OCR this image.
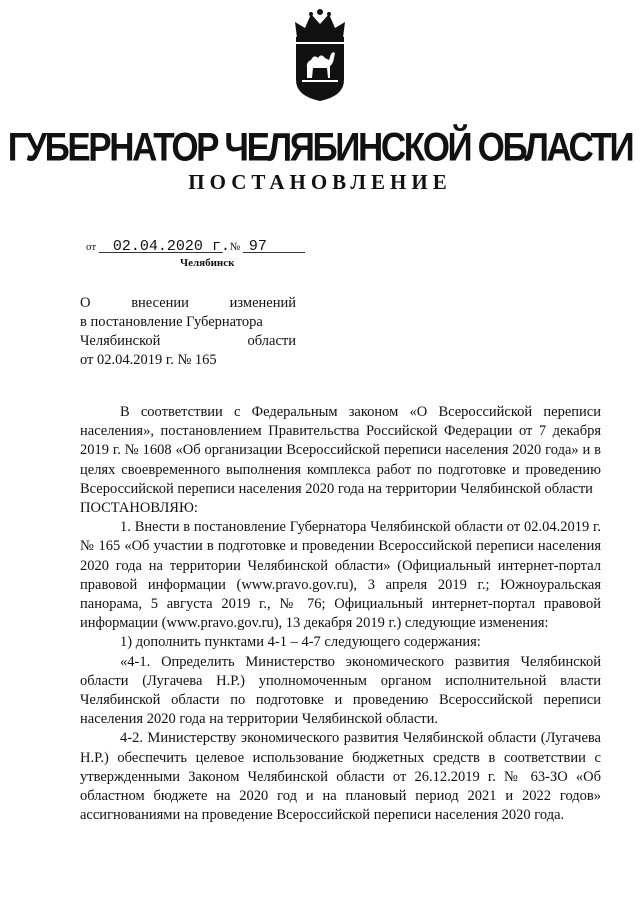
ГУБЕРНАТОР ЧЕЛЯБИНСКОЙ ОБЛАСТИ
ПОСТАНОВЛЕНИЕ
от 02.04.2020 г. № 97
Челябинск
О	внесении	изменений
в постановление Губернатора
Челябинской	области
от 02.04.2019 г. № 165

В соответствии с Федеральным законом «О Всероссийской переписи населения», постановлением Правительства Российской Федерации от 7 декабря 2019 г. № 1608 «Об организации Всероссийской переписи населения 2020 года» и в целях своевременного выполнения комплекса работ по подготовке и проведению Всероссийской переписи населения 2020 года на территории Челябинской области

ПОСТАНОВЛЯЮ:

1. Внести в постановление Губернатора Челябинской области от 02.04.2019 г. № 165 «Об участии в подготовке и проведении Всероссийской переписи населения 2020 года на территории Челябинской области» (Официальный интернет-портал правовой информации (www.pravo.gov.ru), 3 апреля 2019 г.; Южноуральская панорама, 5 августа 2019 г., № 76; Официальный интернет-портал правовой информации (www.pravo.gov.ru), 13 декабря 2019 г.) следующие изменения:

1) дополнить пунктами 4-1 – 4-7 следующего содержания:

«4-1. Определить Министерство экономического развития Челябинской области (Лугачева Н.Р.) уполномоченным органом исполнительной власти Челябинской области по подготовке и проведению Всероссийской переписи населения 2020 года на территории Челябинской области.

4-2. Министерству экономического развития Челябинской области (Лугачева Н.Р.) обеспечить целевое использование бюджетных средств в соответствии с утвержденными Законом Челябинской области от 26.12.2019 г. № 63-ЗО «Об областном бюджете на 2020 год и на плановый период 2021 и 2022 годов» ассигнованиями на проведение Всероссийской переписи населения 2020 года.
